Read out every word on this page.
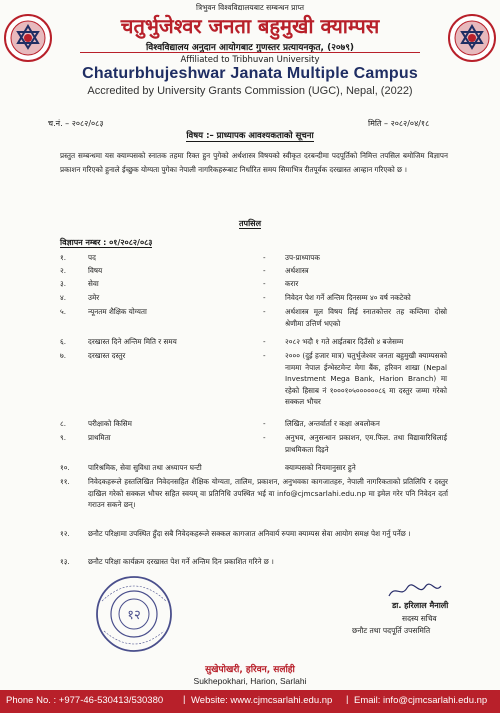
त्रिभुवन विश्वविद्यालयबाट सम्बन्धन प्राप्त
चतुर्भुजेश्वर जनता बहुमुखी क्याम्पस
विश्वविद्यालय अनुदान आयोगबाट गुणस्तर प्रत्यायनकृत, (२०७९)
Affiliated to Tribhuvan University
Chaturbhujeshwar Janata Multiple Campus
Accredited by University Grants Commission (UGC), Nepal, (2022)
च.नं. – २०८२/०८३	मिति – २०८२/०४/१८
विषय :– प्राध्यापक आवश्यकताको सूचना
प्रस्तुत सम्बन्धमा यस क्याम्पसको स्नातक तहमा रिक्त हुन पुगेको अर्थशास्त्र विषयको स्वीकृत दरबन्दीमा पदपूर्तिको निमित्त तपसिल बमोजिम विज्ञापन प्रकाशन गरिएको हुनाले ईच्छुक योग्यता पुगेका नेपाली नागरिकहरूबाट निर्धारित समय सिमाभित्र रीतपूर्वक दरखास्त आव्हान गरिएको छ ।
तपसिल
विज्ञापन नम्बर : ०१/२०८२/०८३
१.	पद	-	उप-प्राध्यापक
२.	विषय	-	अर्थशास्त्र
३.	सेवा	-	करार
४.	उमेर	-	निवेदन पेश गर्ने अन्तिम दिनसम्म ४० वर्ष नकटेको
५.	न्यूनतम शैक्षिक योग्यता	-	अर्थशास्त्र मूल विषय लिई स्नातकोत्तर तह कम्तिमा दोस्रो श्रेणीमा उत्तिर्ण भएको
६.	दरखास्त दिने अन्तिम मिति र समय	-	२०८२ भदौ १ गते आईतबार दिउँसो ४ बजेसम्म
७.	दरखास्त दस्तुर	-	२००० (दुई हजार मात्र) चतुर्भुजेश्वर जनता बहुमुखी क्याम्पसको नाममा नेपाल ईन्भेस्टमेन्ट मेगा बैंक, हरिवन शाखा (Nepal Investment Mega Bank, Harion Branch) मा रहेको हिसाब नं १०००१०५००००००८६ मा दस्तुर जम्मा गरेको सक्कल भौचर
८.	परीक्षाको किसिम	-	लिखित, अन्तर्वार्ता र कक्षा अवलोकन
९.	प्राथमिता	-	अनुभव, अनुसन्धान प्रकाशन, एम.फिल. तथा विद्यावारिधिलाई प्राथमिकता दिइने
१०.	पारिश्रमिक, सेवा सुविधा तथा अध्यापन घन्टी	क्याम्पसको नियमानुसार हुने
११.	निवेदकहरूले हस्तलिखित निवेदनसहित शैक्षिक योग्यता, तालिम, प्रकाशन, अनुभवका कागजातहरु, नेपाली नागरिकताको प्रतिलिपि र दस्तुर दाखिल गरेको सक्कल भौचर सहित स्वयम् वा प्रतिनिधि उपस्थित भई वा info@cjmcsarlahi.edu.np मा इमेल गरेर पनि निवेदन दर्ता गराउन सकने छन्।
१२.	छनौट परिक्षामा उपस्थित हुँदा सबै निवेदकहरूले सक्कल कागजात अनिवार्य रुपमा क्याम्पस सेवा आयोग समक्ष पेश गर्नु पर्नेछ ।
१३.	छनौट परिक्षा कार्यक्रम दरखास्त पेश गर्ने अन्तिम दिन प्रकाशित गरिने छ ।
१२
डा. हरिलाल मैनाली
सदस्य सचिव
छनौट तथा पदपूर्ति उपसमिति
सुखेपोखरी, हरिवन, सर्लाही
Sukhepokhari, Harion, Sarlahi
Phone No. : +977-46-530413/530380 | Website: www.cjmcsarlahi.edu.np | Email: info@cjmcsarlahi.edu.np
